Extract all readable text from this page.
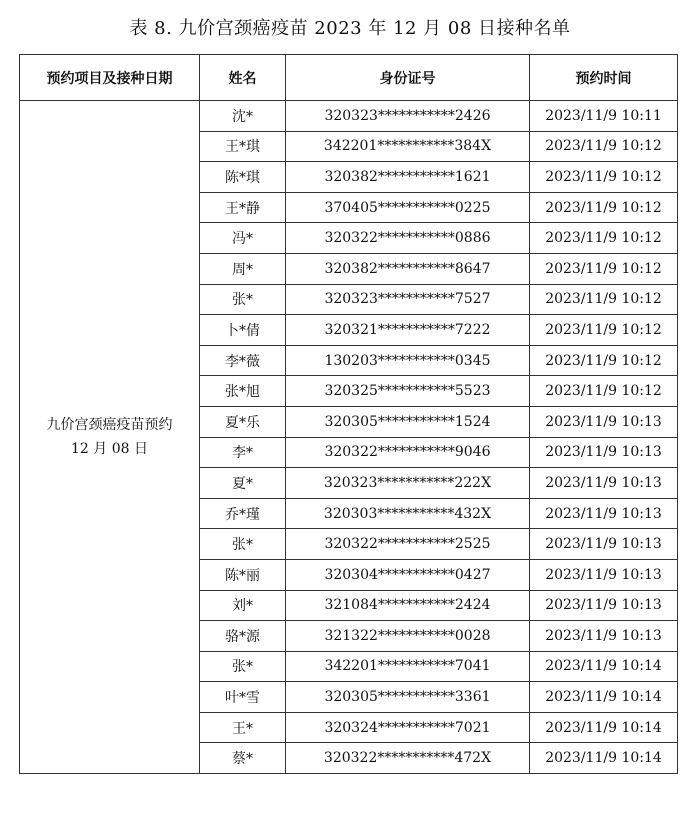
表 8. 九价宫颈癌疫苗 2023 年 12 月 08 日接种名单
预约项目及接种日期	姓名	身份证号	预约时间

九价宫颈癌疫苗预约
12 月 08 日	沈*	320323***********2426	2023/11/9 10:11
	王*琪	342201***********384X	2023/11/9 10:12
	陈*琪	320382***********1621	2023/11/9 10:12
	王*静	370405***********0225	2023/11/9 10:12
	冯*	320322***********0886	2023/11/9 10:12
	周*	320382***********8647	2023/11/9 10:12
	张*	320323***********7527	2023/11/9 10:12
	卜*倩	320321***********7222	2023/11/9 10:12
	李*薇	130203***********0345	2023/11/9 10:12
	张*旭	320325***********5523	2023/11/9 10:12
	夏*乐	320305***********1524	2023/11/9 10:13
	李*	320322***********9046	2023/11/9 10:13
	夏*	320323***********222X	2023/11/9 10:13
	乔*瑾	320303***********432X	2023/11/9 10:13
	张*	320322***********2525	2023/11/9 10:13
	陈*丽	320304***********0427	2023/11/9 10:13
	刘*	321084***********2424	2023/11/9 10:13
	骆*源	321322***********0028	2023/11/9 10:13
	张*	342201***********7041	2023/11/9 10:14
	叶*雪	320305***********3361	2023/11/9 10:14
	王*	320324***********7021	2023/11/9 10:14
	蔡*	320322***********472X	2023/11/9 10:14
